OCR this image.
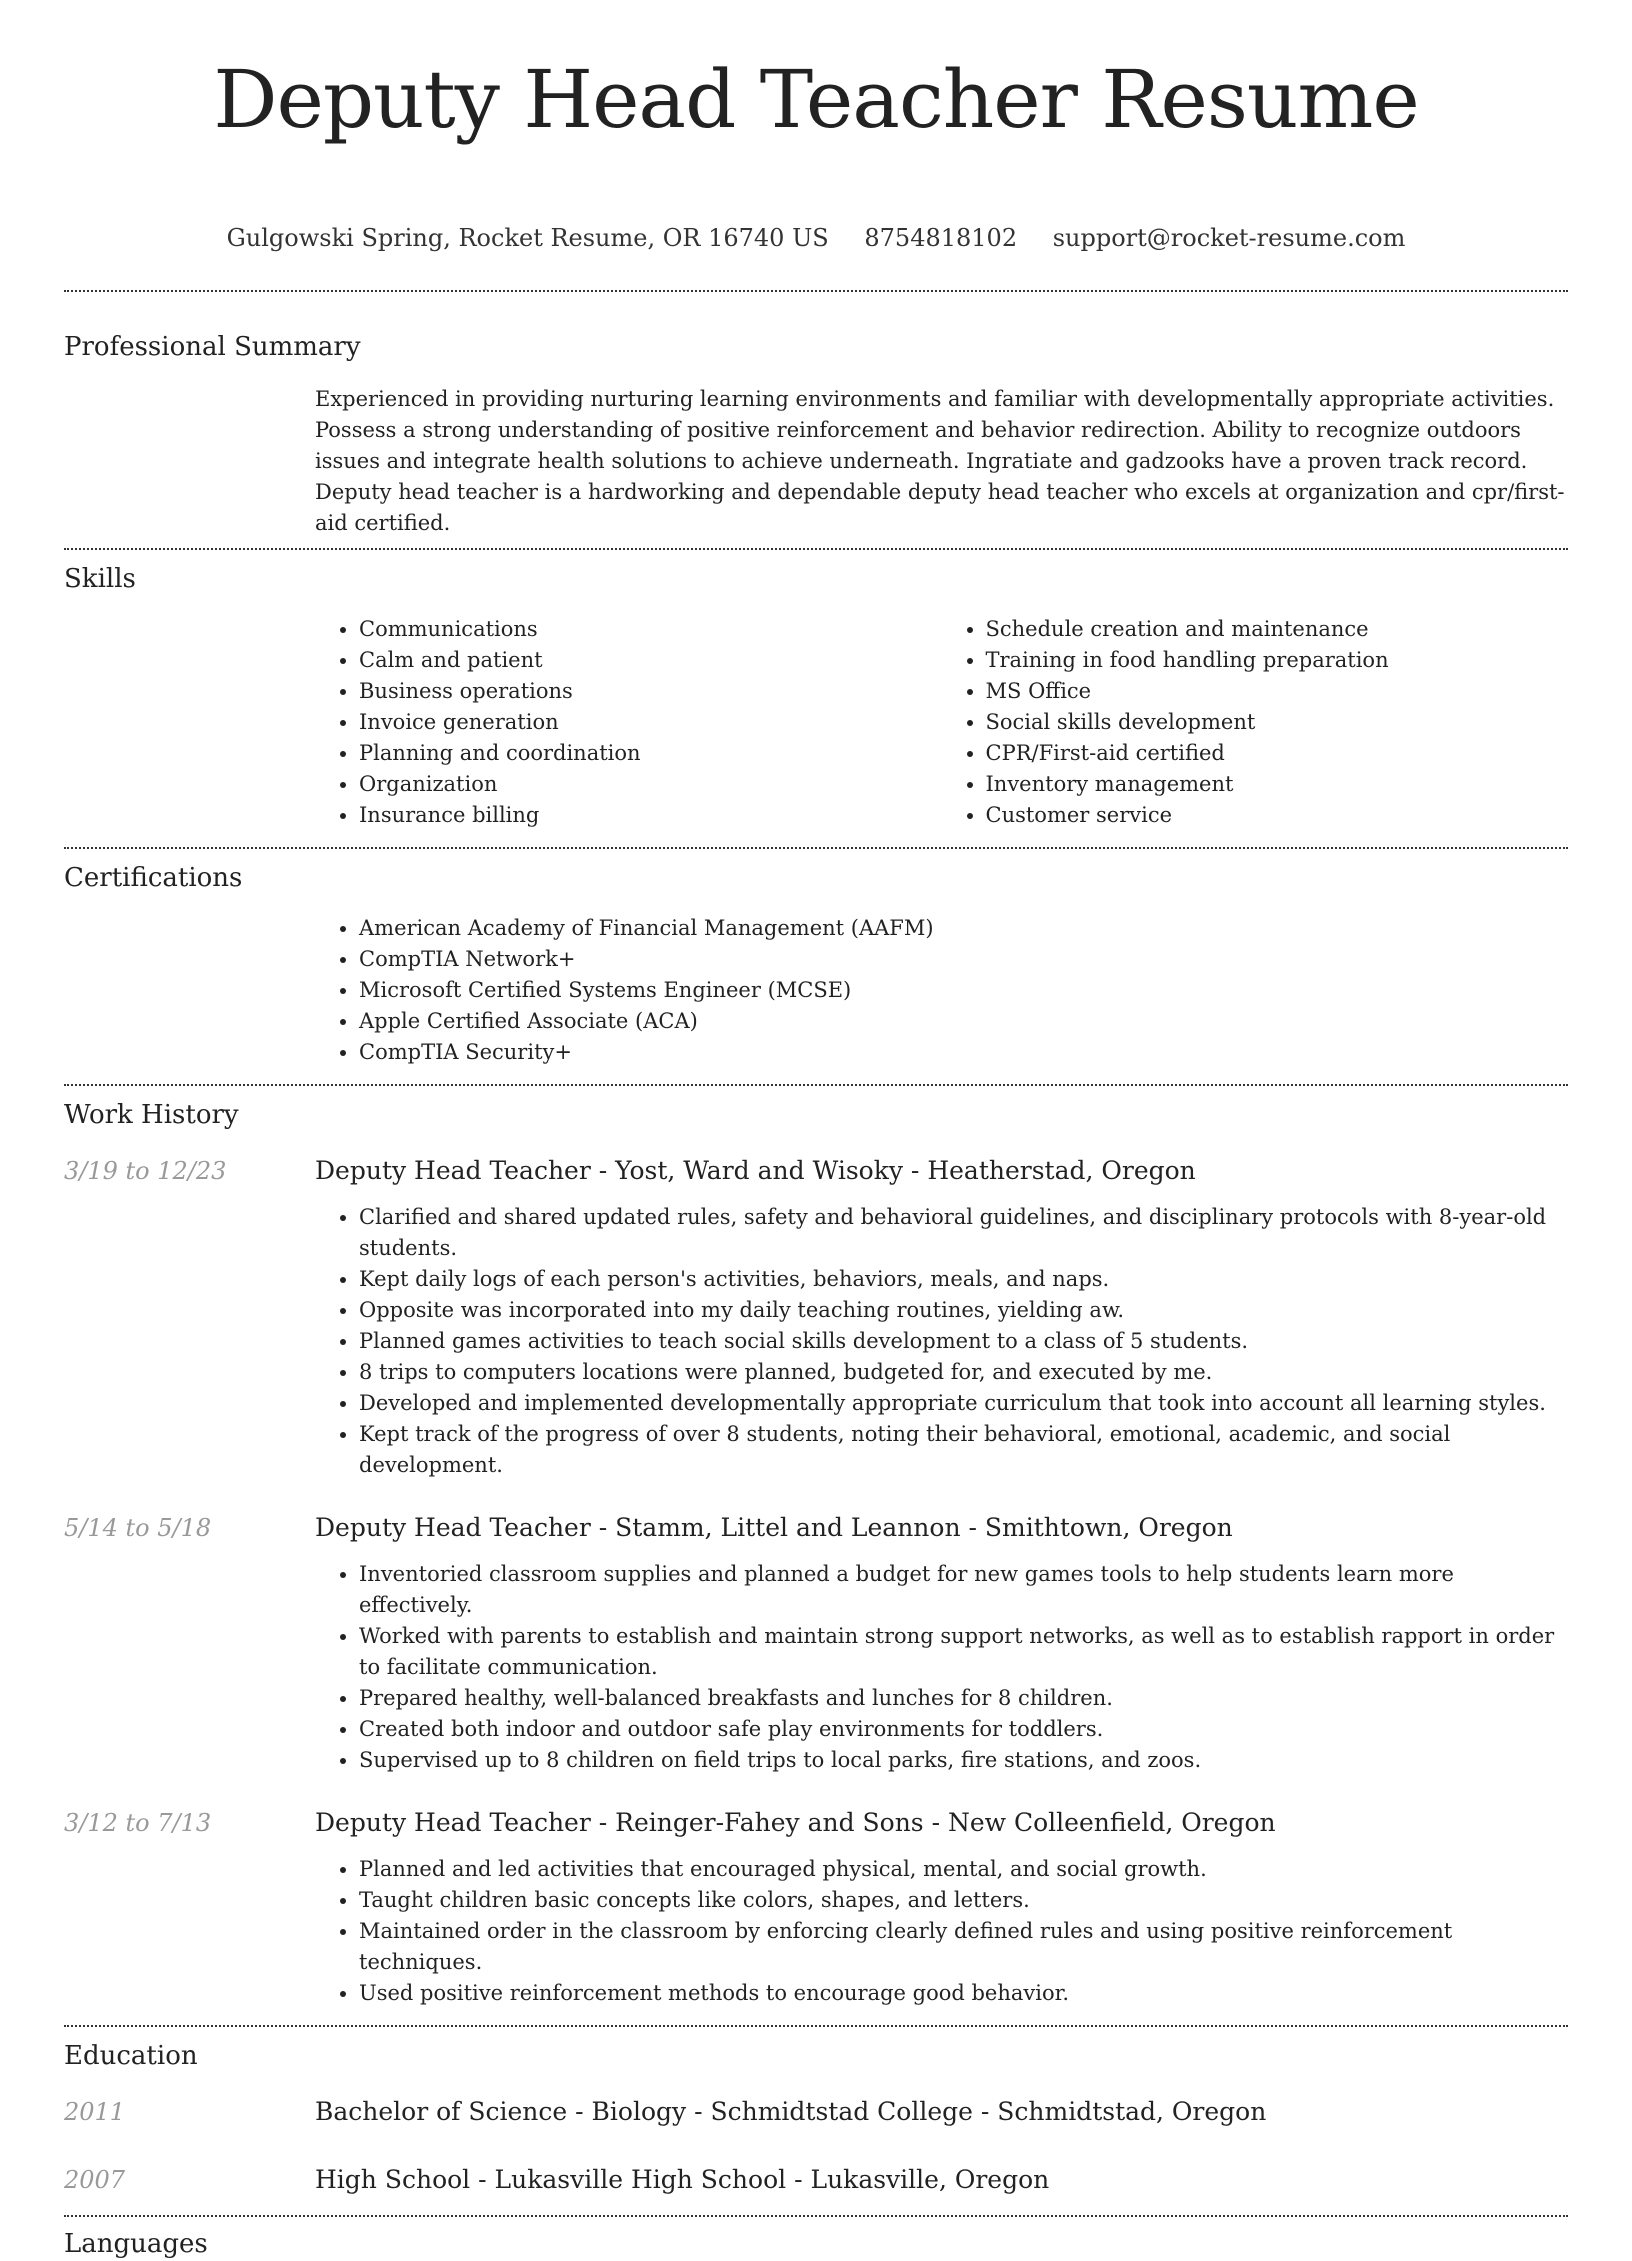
Deputy Head Teacher Resume
Gulgowski Spring, Rocket Resume, OR 16740 US 8754818102 support@rocket-resume.com
Professional Summary

Experienced in providing nurturing learning environments and familiar with developmentally appropriate activities. Possess a strong understanding of positive reinforcement and behavior redirection. Ability to recognize outdoors issues and integrate health solutions to achieve underneath. Ingratiate and gadzooks have a proven track record. Deputy head teacher is a hardworking and dependable deputy head teacher who excels at organization and cpr/first-aid certified.

Skills
• Communications
• Calm and patient
• Business operations
• Invoice generation
• Planning and coordination
• Organization
• Insurance billing
• Schedule creation and maintenance
• Training in food handling preparation
• MS Office
• Social skills development
• CPR/First-aid certified
• Inventory management
• Customer service
Certifications
• American Academy of Financial Management (AAFM)
• CompTIA Network+
• Microsoft Certified Systems Engineer (MCSE)
• Apple Certified Associate (ACA)
• CompTIA Security+
Work History
3/19 to 12/23	Deputy Head Teacher - Yost, Ward and Wisoky - Heatherstad, Oregon
• Clarified and shared updated rules, safety and behavioral guidelines, and disciplinary protocols with 8-year-old students.
• Kept daily logs of each person's activities, behaviors, meals, and naps.
• Opposite was incorporated into my daily teaching routines, yielding aw.
• Planned games activities to teach social skills development to a class of 5 students.
• 8 trips to computers locations were planned, budgeted for, and executed by me.
• Developed and implemented developmentally appropriate curriculum that took into account all learning styles.
• Kept track of the progress of over 8 students, noting their behavioral, emotional, academic, and social development.
5/14 to 5/18	Deputy Head Teacher - Stamm, Littel and Leannon - Smithtown, Oregon
• Inventoried classroom supplies and planned a budget for new games tools to help students learn more effectively.
• Worked with parents to establish and maintain strong support networks, as well as to establish rapport in order to facilitate communication.
• Prepared healthy, well-balanced breakfasts and lunches for 8 children.
• Created both indoor and outdoor safe play environments for toddlers.
• Supervised up to 8 children on field trips to local parks, fire stations, and zoos.
3/12 to 7/13	Deputy Head Teacher - Reinger-Fahey and Sons - New Colleenfield, Oregon
• Planned and led activities that encouraged physical, mental, and social growth.
• Taught children basic concepts like colors, shapes, and letters.
• Maintained order in the classroom by enforcing clearly defined rules and using positive reinforcement techniques.
• Used positive reinforcement methods to encourage good behavior.
Education
2011	Bachelor of Science - Biology - Schmidtstad College - Schmidtstad, Oregon
2007	High School - Lukasville High School - Lukasville, Oregon
Languages
